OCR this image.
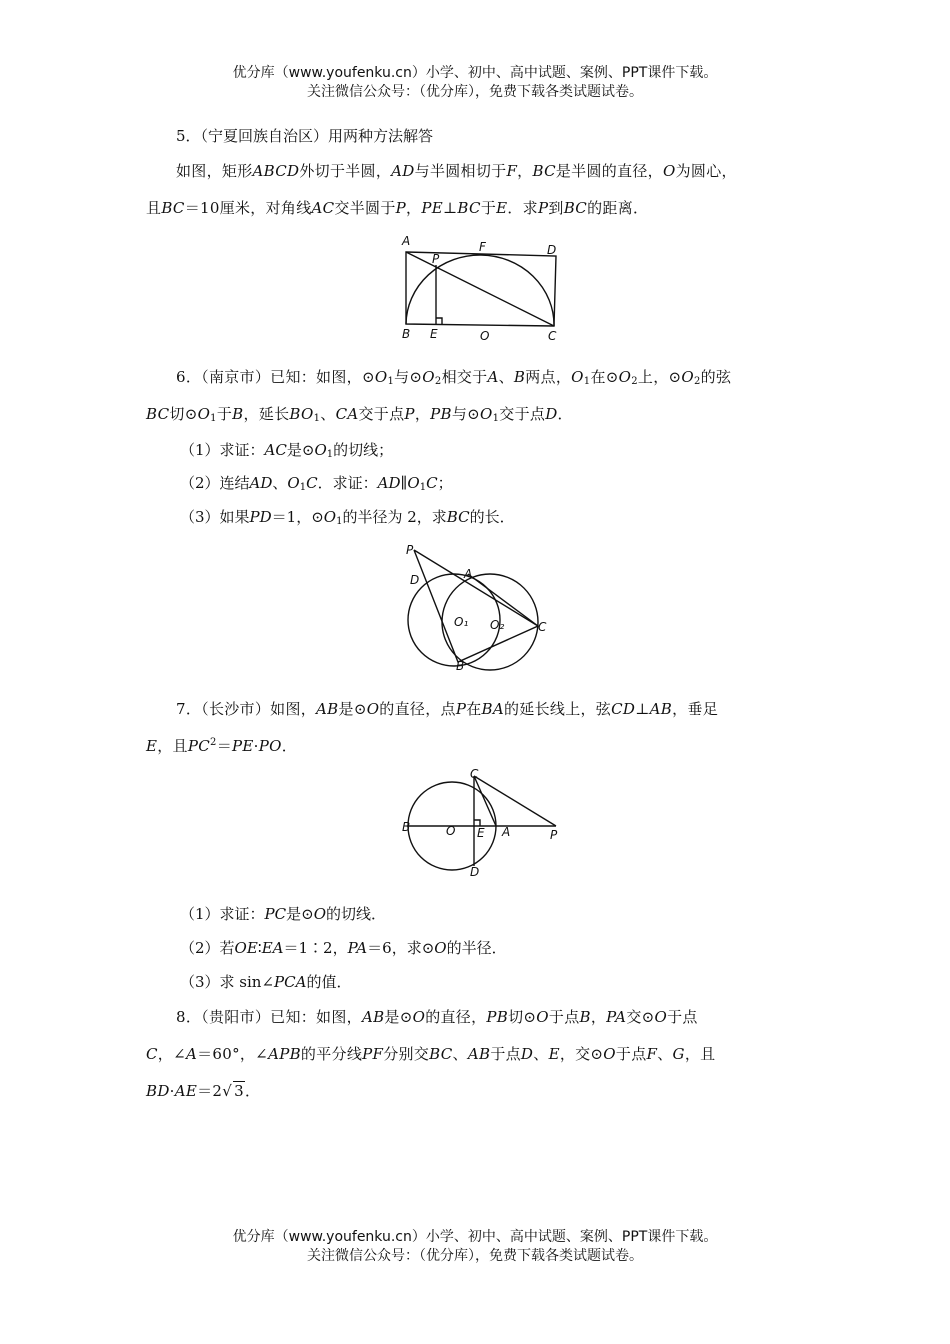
优分库（www.youfenku.cn）小学、初中、高中试题、案例、PPT课件下载。
关注微信公众号：（优分库），免费下载各类试题试卷。
5．（宁夏回族自治区）用两种方法解答
如图，矩形ABCD外切于半圆，AD与半圆相切于F，BC是半圆的直径，O为圆心，
且BC＝10厘米，对角线AC交半圆于P，PE⊥BC于E．求P到BC的距离．
A	F	D
P
B E	O	C
6．（南京市）已知：如图，$⊙O_1$与$⊙O_2$相交于A、B两点，$O_1$在$⊙O_2$上，$⊙O_2$的弦
BC切$⊙O_1$于B，延长$BO_1$、CA交于点P，PB与$⊙O_1$交于点D．
（1）求证：AC是$⊙O_1$的切线；
（2）连结AD、$O_1C$．求证：$AD\parallel O_1C$；
（3）如果PD＝1，$⊙O_1$的半径为 2，求BC的长．
P
D	A
O₁ O₂	C
B
7．（长沙市）如图，AB是⊙O的直径，点P在BA的延长线上，弦CD⊥AB，垂足
E，且$PC^2=PE\cdot PO$．
C
B	O E A	P
D
（1）求证：PC是⊙O的切线．
（2）若OE∶EA＝1∶2，PA＝6，求⊙O的半径．
（3）求 sin∠PCA的值．
8．（贵阳市）已知：如图，AB是⊙O的直径，PB切⊙O于点B，PA交⊙O于点
C，∠A＝60°，∠APB的平分线PF分别交BC、AB于点D、E，交⊙O于点F、G，且
BD·AE＝2√ 3．
优分库（www.youfenku.cn）小学、初中、高中试题、案例、PPT课件下载。
关注微信公众号：（优分库），免费下载各类试题试卷。
